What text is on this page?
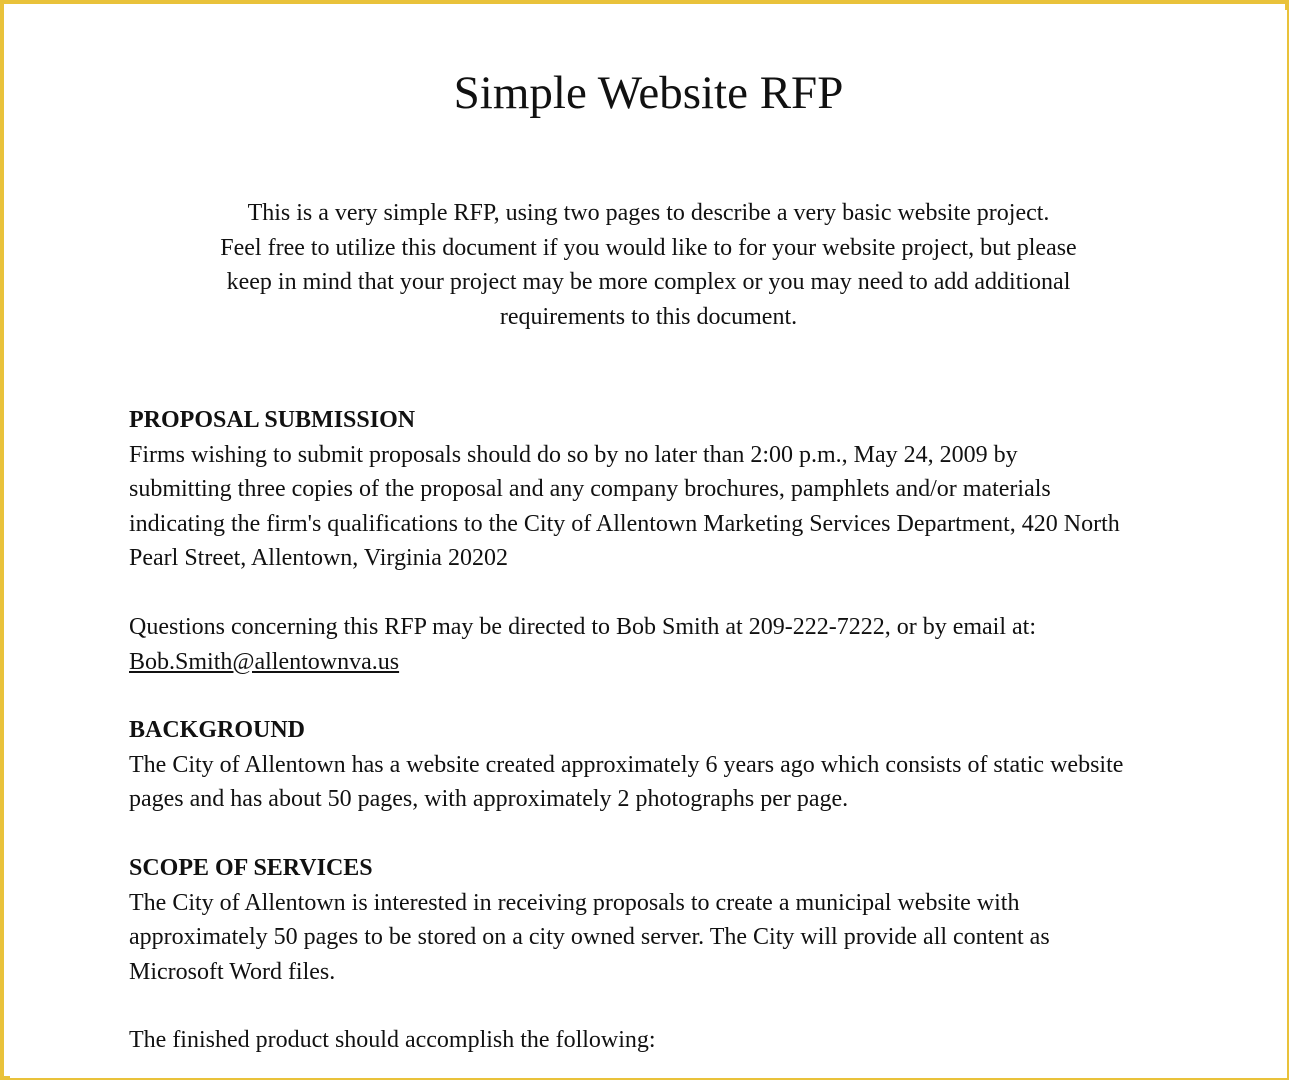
Simple Website RFP
This is a very simple RFP, using two pages to describe a very basic website project.
Feel free to utilize this document if you would like to for your website project, but please
keep in mind that your project may be more complex or you may need to add additional
requirements to this document.
PROPOSAL SUBMISSION
Firms wishing to submit proposals should do so by no later than 2:00 p.m., May 24, 2009 by
submitting three copies of the proposal and any company brochures, pamphlets and/or materials
indicating the firm's qualifications to the City of Allentown Marketing Services Department, 420 North
Pearl Street, Allentown, Virginia 20202
Questions concerning this RFP may be directed to Bob Smith at 209-222-7222, or by email at:
Bob.Smith@allentownva.us
BACKGROUND
The City of Allentown has a website created approximately 6 years ago which consists of static website
pages and has about 50 pages, with approximately 2 photographs per page.
SCOPE OF SERVICES
The City of Allentown is interested in receiving proposals to create a municipal website with
approximately 50 pages to be stored on a city owned server. The City will provide all content as
Microsoft Word files.
The finished product should accomplish the following:
